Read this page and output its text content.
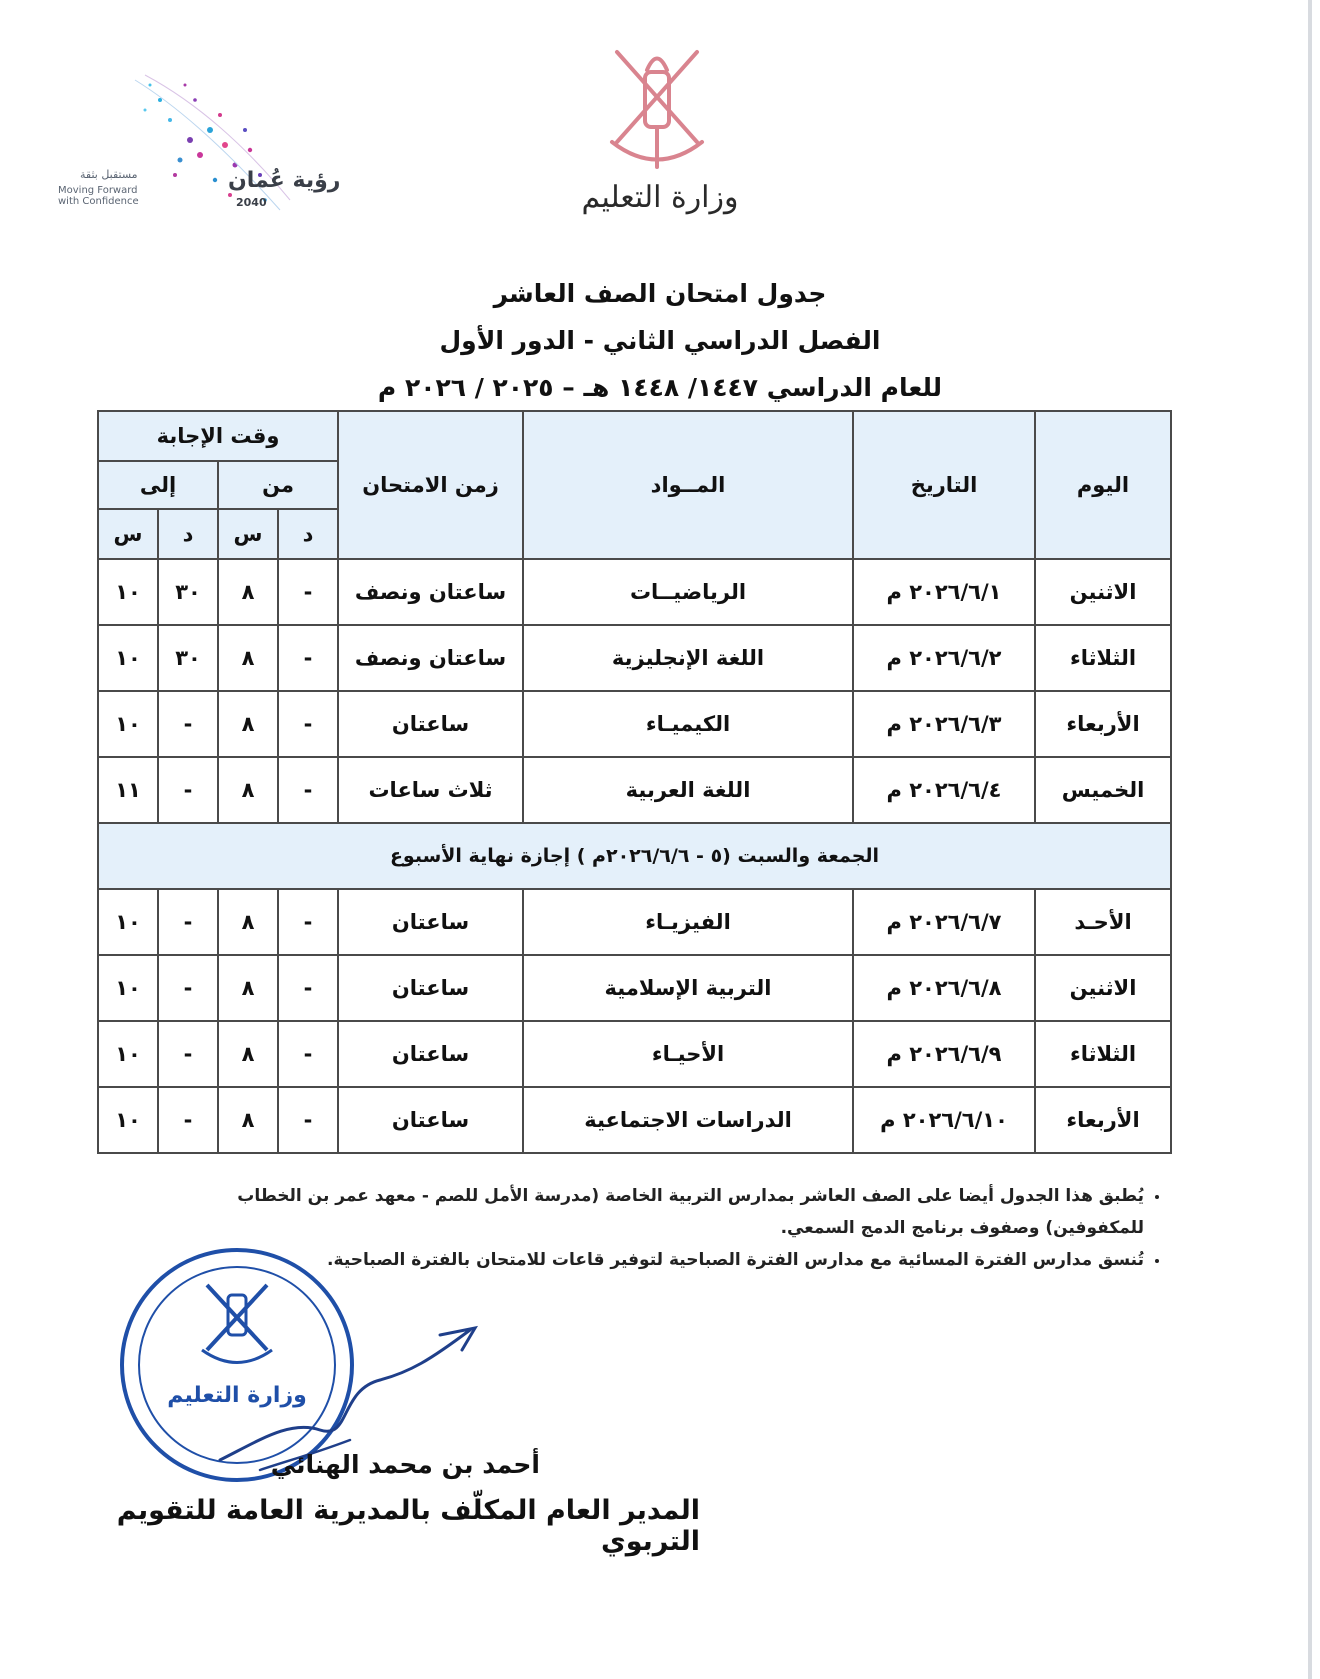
رؤية عُمان
2040
مستقبل بثقة
Moving Forward with Confidence	وزارة التعليم
جدول امتحان الصف العاشر
الفصل الدراسي الثاني - الدور الأول
للعام الدراسي ١٤٤٧/ ١٤٤٨ هـ – ٢٠٢٥ / ٢٠٢٦ م
اليوم	التاريخ	المــواد	زمن الامتحان	وقت الإجابة			
				من		إلى	
				د	س	د	س
الاثنين	٢٠٢٦/٦/١ م	الرياضيــات	ساعتان ونصف	-	٨	٣٠	١٠
الثلاثاء	٢٠٢٦/٦/٢ م	اللغة الإنجليزية	ساعتان ونصف	-	٨	٣٠	١٠
الأربعاء	٢٠٢٦/٦/٣ م	الكيميـاء	ساعتان	-	٨	-	١٠
الخميس	٢٠٢٦/٦/٤ م	اللغة العربية	ثلاث ساعات	-	٨	-	١١
الجمعة والسبت (٥ - ٢٠٢٦/٦/٦م ) إجازة نهاية الأسبوع							
الأحـد	٢٠٢٦/٦/٧ م	الفيزيـاء	ساعتان	-	٨	-	١٠
الاثنين	٢٠٢٦/٦/٨ م	التربية الإسلامية	ساعتان	-	٨	-	١٠
الثلاثاء	٢٠٢٦/٦/٩ م	الأحيـاء	ساعتان	-	٨	-	١٠
الأربعاء	٢٠٢٦/٦/١٠ م	الدراسات الاجتماعية	ساعتان	-	٨	-	١٠
• يُطبق هذا الجدول أيضا على الصف العاشر بمدارس التربية الخاصة (مدرسة الأمل للصم - معهد عمر بن الخطاب للمكفوفين) وصفوف برنامج الدمج السمعي.
• تُنسق مدارس الفترة المسائية مع مدارس الفترة الصباحية لتوفير قاعات للامتحان بالفترة الصباحية.
وزارة التعليم
أحمد بن محمد الهنائي
المدير العام المكلّف بالمديرية العامة للتقويم التربوي
